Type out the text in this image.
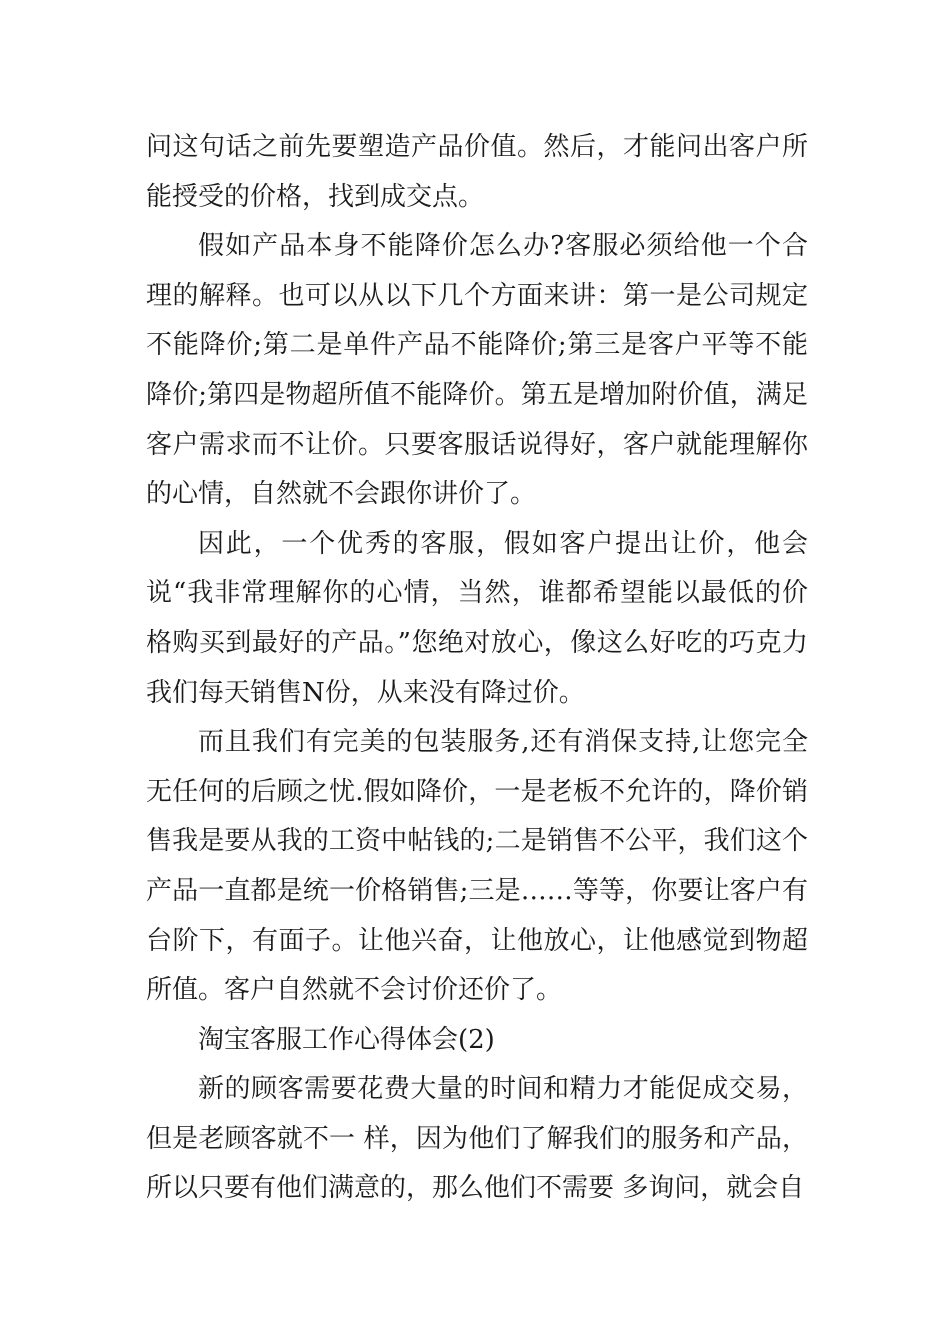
问这句话之前先要塑造产品价值。然后，才能问出客户所能授受的价格，找到成交点。

假如产品本身不能降价怎么办?客服必须给他一个合理的解释。也可以从以下几个方面来讲：第一是公司规定不能降价;第二是单件产品不能降价;第三是客户平等不能降价;第四是物超所值不能降价。第五是增加附价值，满足客户需求而不让价。只要客服话说得好，客户就能理解你的心情，自然就不会跟你讲价了。

因此，一个优秀的客服，假如客户提出让价，他会说“我非常理解你的心情，当然，谁都希望能以最低的价格购买到最好的产品。”您绝对放心，像这么好吃的巧克力我们每天销售N份，从来没有降过价。

而且我们有完美的包装服务,还有消保支持,让您完全无任何的后顾之忧.假如降价，一是老板不允许的，降价销售我是要从我的工资中帖钱的;二是销售不公平，我们这个产品一直都是统一价格销售;三是……等等，你要让客户有台阶下，有面子。让他兴奋，让他放心，让他感觉到物超所值。客户自然就不会讨价还价了。

淘宝客服工作心得体会(2)

新的顾客需要花费大量的时间和精力才能促成交易，但是老顾客就不一 样，因为他们了解我们的服务和产品，所以只要有他们满意的，那么他们不需要 多询问，就会自
